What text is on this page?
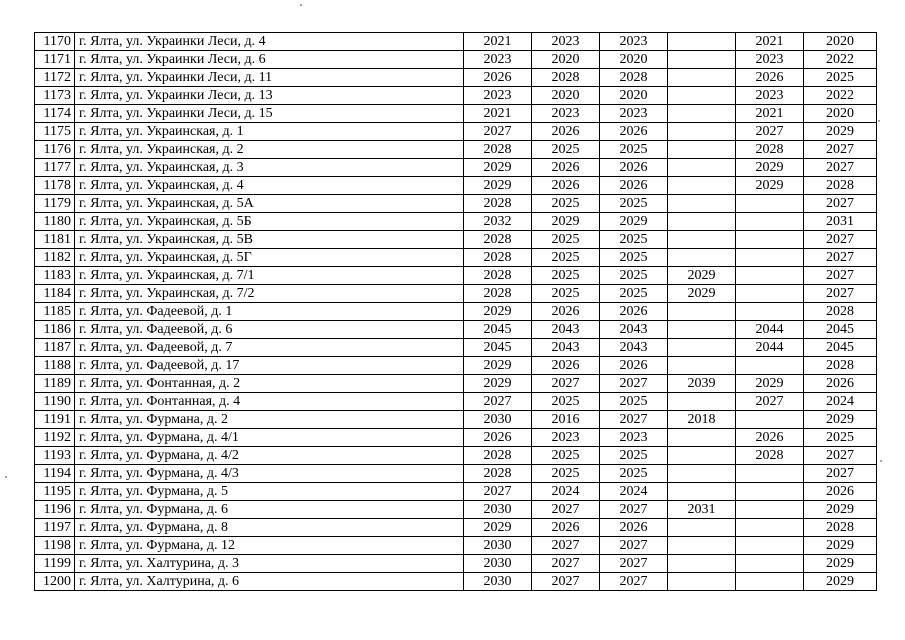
1170	г. Ялта, ул. Украинки Леси, д. 4	2021	2023	2023		2021	2020
1171	г. Ялта, ул. Украинки Леси, д. 6	2023	2020	2020		2023	2022
1172	г. Ялта, ул. Украинки Леси, д. 11	2026	2028	2028		2026	2025
1173	г. Ялта, ул. Украинки Леси, д. 13	2023	2020	2020		2023	2022
1174	г. Ялта, ул. Украинки Леси, д. 15	2021	2023	2023		2021	2020
1175	г. Ялта, ул. Украинская, д. 1	2027	2026	2026		2027	2029
1176	г. Ялта, ул. Украинская, д. 2	2028	2025	2025		2028	2027
1177	г. Ялта, ул. Украинская, д. 3	2029	2026	2026		2029	2027
1178	г. Ялта, ул. Украинская, д. 4	2029	2026	2026		2029	2028
1179	г. Ялта, ул. Украинская, д. 5А	2028	2025	2025			2027
1180	г. Ялта, ул. Украинская, д. 5Б	2032	2029	2029			2031
1181	г. Ялта, ул. Украинская, д. 5В	2028	2025	2025			2027
1182	г. Ялта, ул. Украинская, д. 5Г	2028	2025	2025			2027
1183	г. Ялта, ул. Украинская, д. 7/1	2028	2025	2025	2029		2027
1184	г. Ялта, ул. Украинская, д. 7/2	2028	2025	2025	2029		2027
1185	г. Ялта, ул. Фадеевой, д. 1	2029	2026	2026			2028
1186	г. Ялта, ул. Фадеевой, д. 6	2045	2043	2043		2044	2045
1187	г. Ялта, ул. Фадеевой, д. 7	2045	2043	2043		2044	2045
1188	г. Ялта, ул. Фадеевой, д. 17	2029	2026	2026			2028
1189	г. Ялта, ул. Фонтанная, д. 2	2029	2027	2027	2039	2029	2026
1190	г. Ялта, ул. Фонтанная, д. 4	2027	2025	2025		2027	2024
1191	г. Ялта, ул. Фурмана, д. 2	2030	2016	2027	2018		2029
1192	г. Ялта, ул. Фурмана, д. 4/1	2026	2023	2023		2026	2025
1193	г. Ялта, ул. Фурмана, д. 4/2	2028	2025	2025		2028	2027
1194	г. Ялта, ул. Фурмана, д. 4/3	2028	2025	2025			2027
1195	г. Ялта, ул. Фурмана, д. 5	2027	2024	2024			2026
1196	г. Ялта, ул. Фурмана, д. 6	2030	2027	2027	2031		2029
1197	г. Ялта, ул. Фурмана, д. 8	2029	2026	2026			2028
1198	г. Ялта, ул. Фурмана, д. 12	2030	2027	2027			2029
1199	г. Ялта, ул. Халтурина, д. 3	2030	2027	2027			2029
1200	г. Ялта, ул. Халтурина, д. 6	2030	2027	2027			2029
